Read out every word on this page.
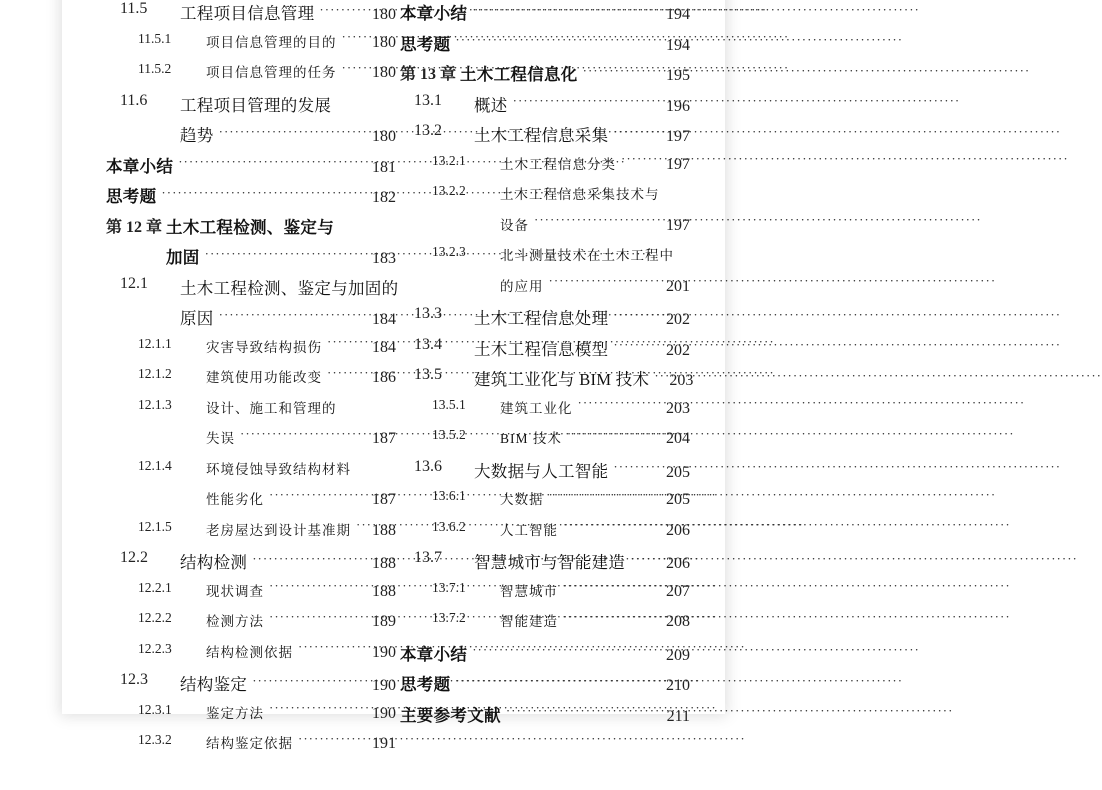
11.5 工程项目信息管理 ·····	180
11.5.1	项目信息管理的目的 ·····	180
11.5.2	项目信息管理的任务 ·····	180
11.6 工程项目管理的发展
趋势 ·····	180
本章小结 ·····	181
思考题 ·····	182
第 12 章 土木工程检测、鉴定与
加固 ·····	183
12.1 土木工程检测、鉴定与加固的
原因 ·····	184
12.1.1	灾害导致结构损伤 ·····	184
12.1.2	建筑使用功能改变 ·····	186
12.1.3	设计、施工和管理的
失误 ·····	187
12.1.4	环境侵蚀导致结构材料
性能劣化 ·····	187
12.1.5	老房屋达到设计基准期 ·····	188
12.2 结构检测 ·····	188
12.2.1	现状调查 ·····	188
12.2.2	检测方法 ·····	189
12.2.3	结构检测依据 ·····	190
12.3 结构鉴定 ·····	190
12.3.1	鉴定方法 ·····	190
12.3.2	结构鉴定依据 ·····	191
本章小结 ·····	194
思考题 ·····	194
第 13 章 土木工程信息化 ·····	195
13.1 概述 ·····	196
13.2 土木工程信息采集 ·····	197
13.2.1	土木工程信息分类 ·····	197
13.2.2	土木工程信息采集技术与
设备 ·····	197
13.2.3	北斗测量技术在土木工程中
的应用 ·····	201
13.3 土木工程信息处理 ·····	202
13.4 土木工程信息模型 ·····	202
13.5 建筑工业化与 BIM 技术 ·····	203
13.5.1	建筑工业化 ·····	203
13.5.2	BIM 技术 ·····	204
13.6 大数据与人工智能 ·····	205
13.6.1	大数据 ·····	205
13.6.2	人工智能 ·····	206
13.7 智慧城市与智能建造 ·····	206
13.7.1	智慧城市 ·····	207
13.7.2	智能建造 ·····	208
本章小结 ·····	209
思考题 ·····	210
主要参考文献 ·····	211
